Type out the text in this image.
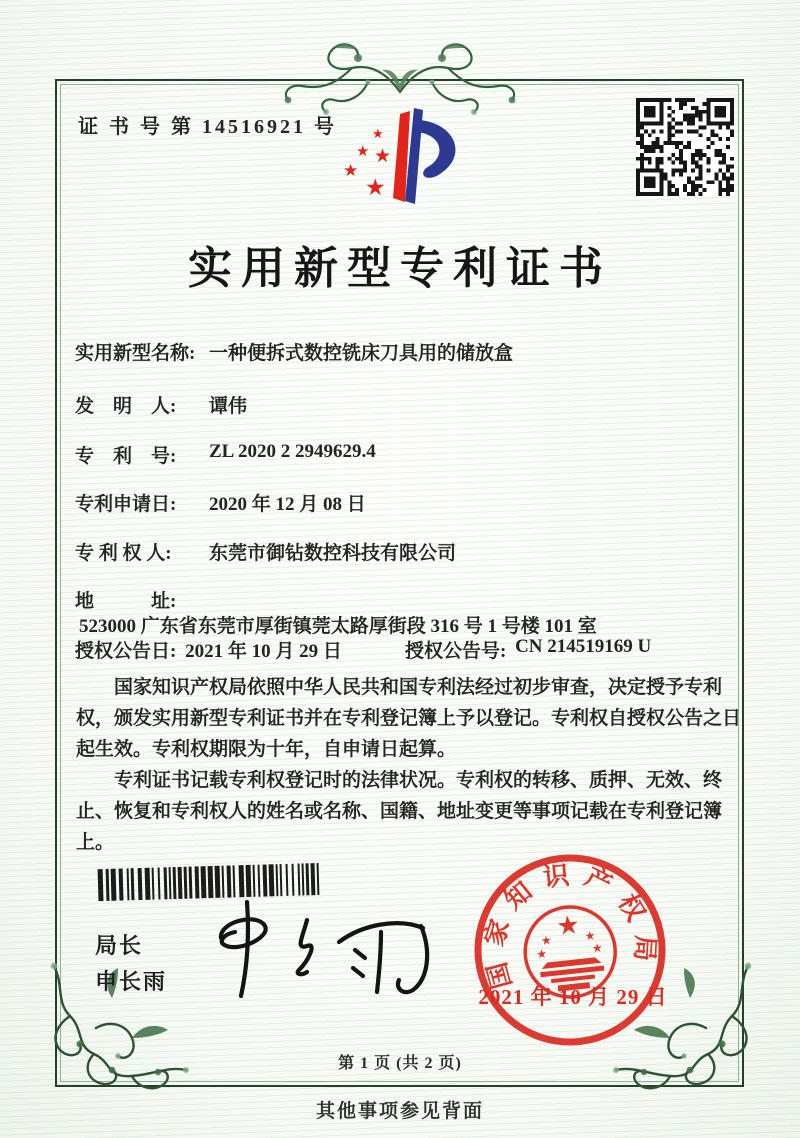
证 书 号 第 14516921 号	★
★ ★
★
★
实用新型专利证书
实用新型名称: 一种便拆式数控铣床刀具用的储放盒
发　明　人: 谭伟
专　利　号: ZL 2020 2 2949629.4
专利申请日: 2020 年 12 月 08 日
专 利 权 人: 东莞市御钻数控科技有限公司
地　　　址:523000 广东省东莞市厚街镇莞太路厚街段 316 号 1 号楼 101 室
授权公告日: 2021 年 10 月 29 日	授权公告号: CN 214519169 U

国家知识产权局依照中华人民共和国专利法经过初步审查，决定授予专利权，颁发实用新型专利证书并在专利登记簿上予以登记。专利权自授权公告之日起生效。专利权期限为十年，自申请日起算。

专利证书记载专利权登记时的法律状况。专利权的转移、质押、无效、终止、恢复和专利权人的姓名或名称、国籍、地址变更等事项记载在专利登记簿上。

局长
申长雨	国家知识产权局
★
★	★
★	★
2021 年 10 月 29 日
第 1 页 (共 2 页)
其他事项参见背面
